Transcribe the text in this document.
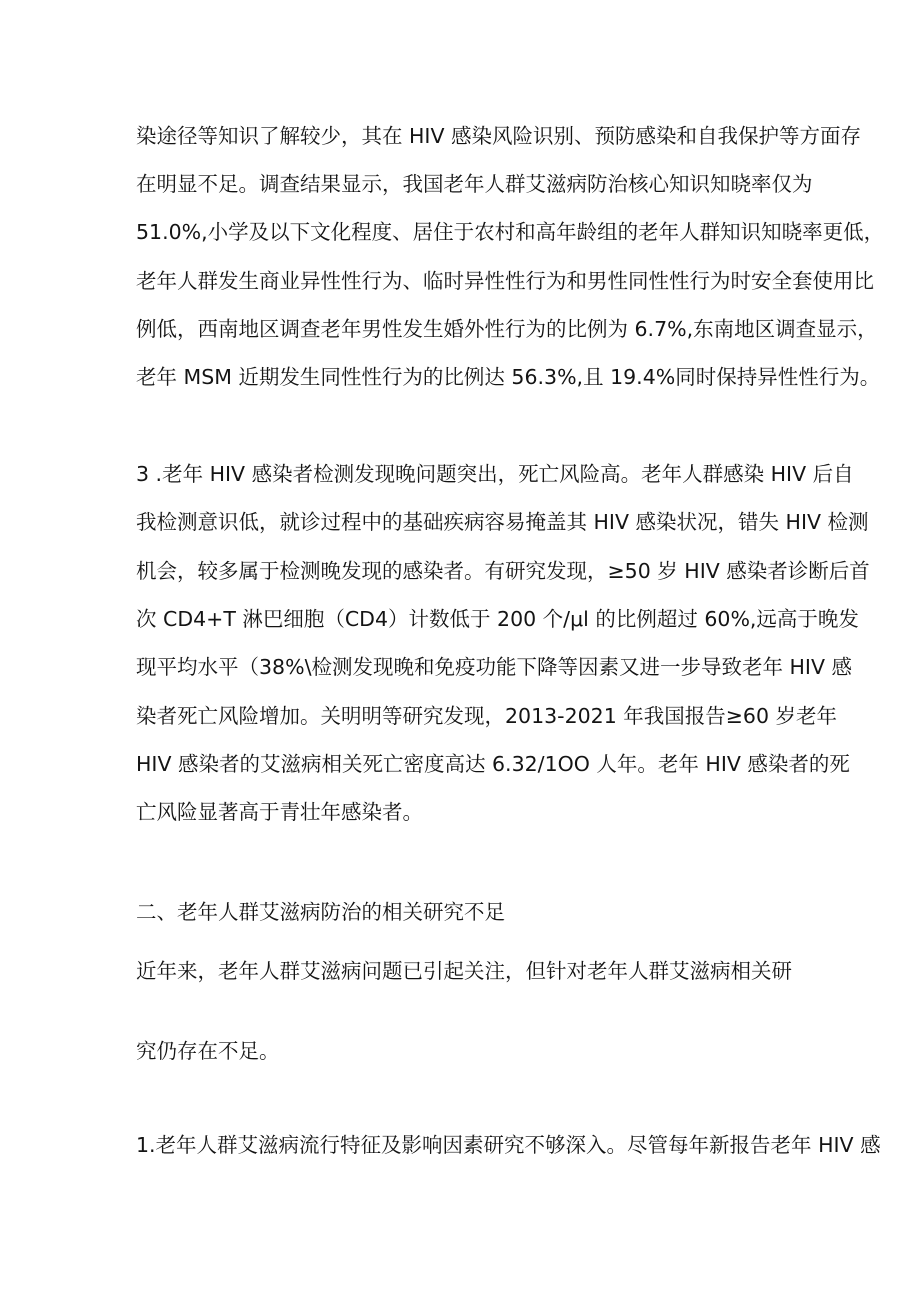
染途径等知识了解较少，其在 HIV 感染风险识别、预防感染和自我保护等方面存
在明显不足。调查结果显示，我国老年人群艾滋病防治核心知识知晓率仅为
51.0%,小学及以下文化程度、居住于农村和高年龄组的老年人群知识知晓率更低，
老年人群发生商业异性性行为、临时异性性行为和男性同性性行为时安全套使用比
例低，西南地区调查老年男性发生婚外性行为的比例为 6.7%,东南地区调查显示，
老年 MSM 近期发生同性性行为的比例达 56.3%,且 19.4%同时保持异性性行为。
3 .老年 HIV 感染者检测发现晚问题突出，死亡风险高。老年人群感染 HIV 后自
我检测意识低，就诊过程中的基础疾病容易掩盖其 HIV 感染状况，错失 HIV 检测
机会，较多属于检测晚发现的感染者。有研究发现，≥50 岁 HIV 感染者诊断后首
次 CD4+T 淋巴细胞（CD4）计数低于 200 个/μl 的比例超过 60%,远高于晚发
现平均水平（38%\检测发现晚和免疫功能下降等因素又进一步导致老年 HIV 感
染者死亡风险增加。关明明等研究发现，2013-2021 年我国报告≥60 岁老年
HIV 感染者的艾滋病相关死亡密度高达 6.32/1OO 人年。老年 HIV 感染者的死
亡风险显著高于青壮年感染者。
二、老年人群艾滋病防治的相关研究不足
近年来，老年人群艾滋病问题已引起关注，但针对老年人群艾滋病相关研
究仍存在不足。
1.老年人群艾滋病流行特征及影响因素研究不够深入。尽管每年新报告老年 HIV 感
